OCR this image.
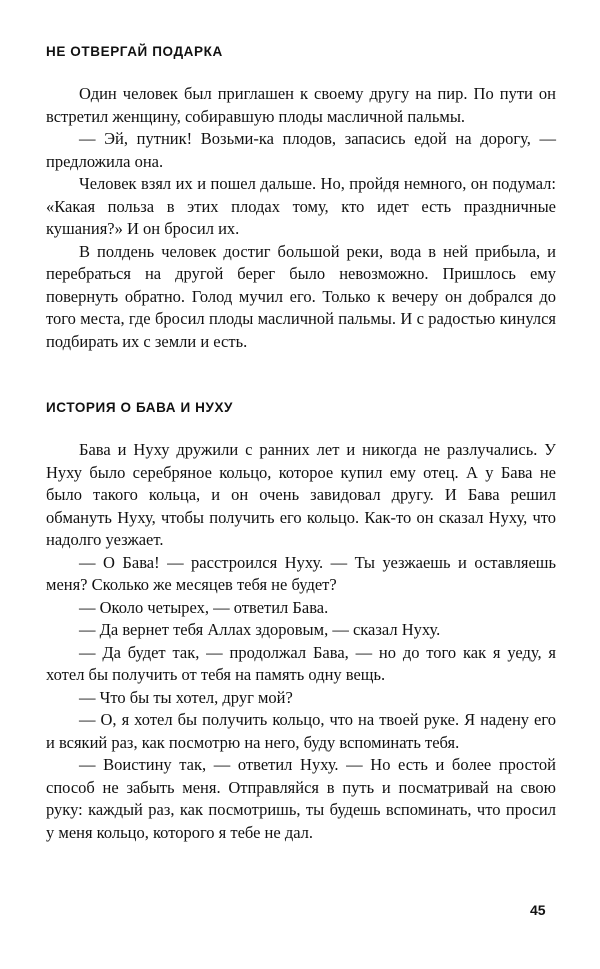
НЕ ОТВЕРГАЙ ПОДАРКА

Один человек был приглашен к своему другу на пир. По пути он встретил женщину, собиравшую плоды масличной пальмы.

— Эй, путник! Возьми-ка плодов, запасись едой на дорогу, — предложила она.

Человек взял их и пошел дальше. Но, пройдя немного, он подумал: «Какая польза в этих плодах тому, кто идет есть праздничные кушания?» И он бросил их.

В полдень человек достиг большой реки, вода в ней прибыла, и перебраться на другой берег было невозможно. Пришлось ему повернуть обратно. Голод мучил его. Только к вечеру он добрался до того места, где бросил плоды масличной пальмы. И с радостью кинулся подбирать их с земли и есть.

ИСТОРИЯ О БАВА И НУХУ

Бава и Нуху дружили с ранних лет и никогда не разлучались. У Нуху было серебряное кольцо, которое купил ему отец. А у Бава не было такого кольца, и он очень завидовал другу. И Бава решил обмануть Нуху, чтобы получить его кольцо. Как-то он сказал Нуху, что надолго уезжает.

— О Бава! — расстроился Нуху. — Ты уезжаешь и оставляешь меня? Сколько же месяцев тебя не будет?

— Около четырех, — ответил Бава.

— Да вернет тебя Аллах здоровым, — сказал Нуху.

— Да будет так, — продолжал Бава, — но до того как я уеду, я хотел бы получить от тебя на память одну вещь.

— Что бы ты хотел, друг мой?

— О, я хотел бы получить кольцо, что на твоей руке. Я надену его и всякий раз, как посмотрю на него, буду вспоминать тебя.

— Воистину так, — ответил Нуху. — Но есть и более простой способ не забыть меня. Отправляйся в путь и посматривай на свою руку: каждый раз, как посмотришь, ты будешь вспоминать, что просил у меня кольцо, которого я тебе не дал.

45
